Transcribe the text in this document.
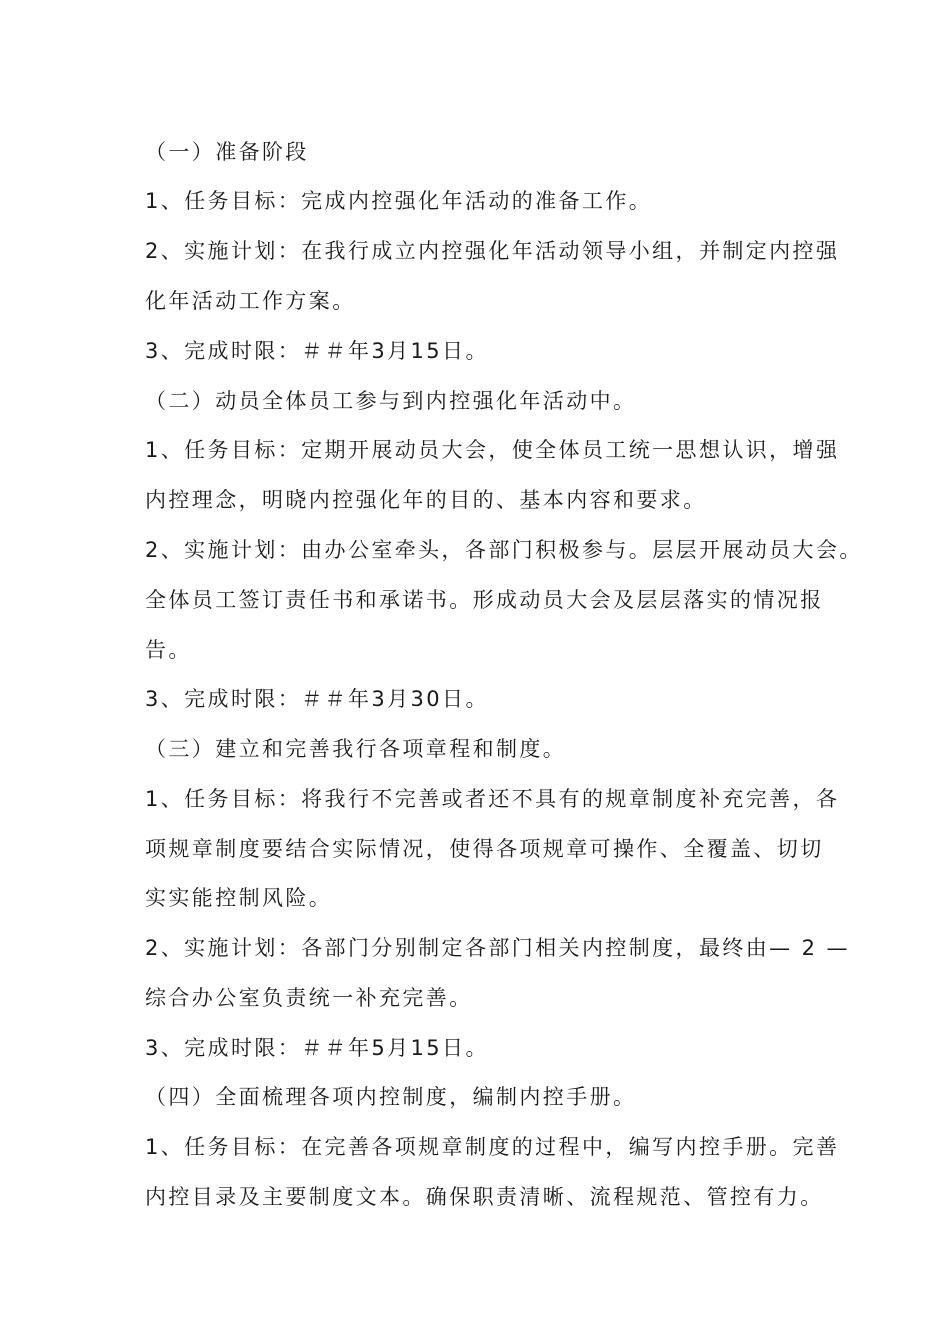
（一）准备阶段
1、任务目标：完成内控强化年活动的准备工作。
2、实施计划：在我行成立内控强化年活动领导小组，并制定内控强
化年活动工作方案。
3、完成时限：＃＃年3月15日。
（二）动员全体员工参与到内控强化年活动中。
1、任务目标：定期开展动员大会，使全体员工统一思想认识，增强
内控理念，明晓内控强化年的目的、基本内容和要求。
2、实施计划：由办公室牵头，各部门积极参与。层层开展动员大会。
全体员工签订责任书和承诺书。形成动员大会及层层落实的情况报
告。
3、完成时限：＃＃年3月30日。
（三）建立和完善我行各项章程和制度。
1、任务目标：将我行不完善或者还不具有的规章制度补充完善，各
项规章制度要结合实际情况，使得各项规章可操作、全覆盖、切切
实实能控制风险。
2、实施计划：各部门分别制定各部门相关内控制度，最终由— 2 —
综合办公室负责统一补充完善。
3、完成时限：＃＃年5月15日。
（四）全面梳理各项内控制度，编制内控手册。
1、任务目标：在完善各项规章制度的过程中，编写内控手册。完善
内控目录及主要制度文本。确保职责清晰、流程规范、管控有力。
